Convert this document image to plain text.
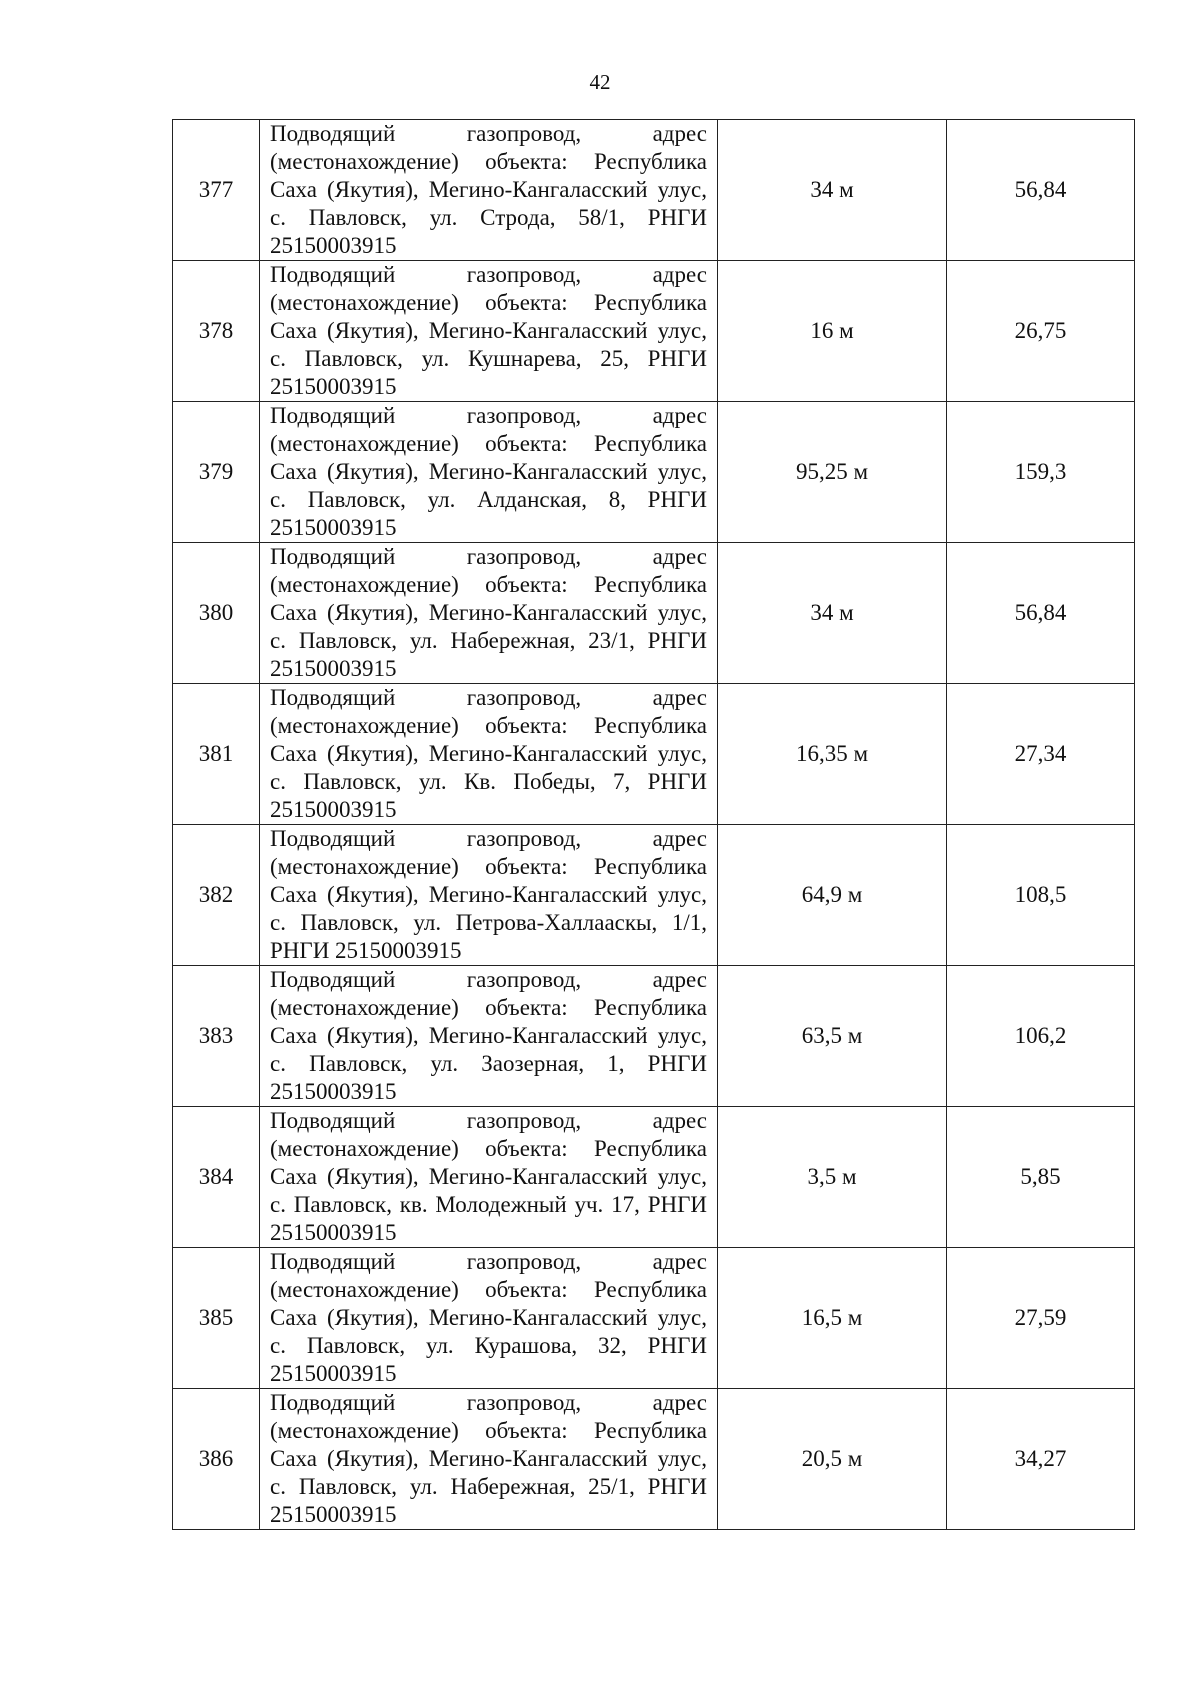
42
377	Подводящий газопровод, адрес (местонахождение) объекта: Республика Саха (Якутия), Мегино-Кангаласский улус, с. Павловск, ул. Строда, 58/1, РНГИ 25150003915	34 м	56,84
378	Подводящий газопровод, адрес (местонахождение) объекта: Республика Саха (Якутия), Мегино-Кангаласский улус, с. Павловск, ул. Кушнарева, 25, РНГИ 25150003915	16 м	26,75
379	Подводящий газопровод, адрес (местонахождение) объекта: Республика Саха (Якутия), Мегино-Кангаласский улус, с. Павловск, ул. Алданская, 8, РНГИ 25150003915	95,25 м	159,3
380	Подводящий газопровод, адрес (местонахождение) объекта: Республика Саха (Якутия), Мегино-Кангаласский улус, с. Павловск, ул. Набережная, 23/1, РНГИ 25150003915	34 м	56,84
381	Подводящий газопровод, адрес (местонахождение) объекта: Республика Саха (Якутия), Мегино-Кангаласский улус, с. Павловск, ул. Кв. Победы, 7, РНГИ 25150003915	16,35 м	27,34
382	Подводящий газопровод, адрес (местонахождение) объекта: Республика Саха (Якутия), Мегино-Кангаласский улус, с. Павловск, ул. Петрова-Халлааскы, 1/1, РНГИ 25150003915	64,9 м	108,5
383	Подводящий газопровод, адрес (местонахождение) объекта: Республика Саха (Якутия), Мегино-Кангаласский улус, с. Павловск, ул. Заозерная, 1, РНГИ 25150003915	63,5 м	106,2
384	Подводящий газопровод, адрес (местонахождение) объекта: Республика Саха (Якутия), Мегино-Кангаласский улус, с. Павловск, кв. Молодежный уч. 17, РНГИ 25150003915	3,5 м	5,85
385	Подводящий газопровод, адрес (местонахождение) объекта: Республика Саха (Якутия), Мегино-Кангаласский улус, с. Павловск, ул. Курашова, 32, РНГИ 25150003915	16,5 м	27,59
386	Подводящий газопровод, адрес (местонахождение) объекта: Республика Саха (Якутия), Мегино-Кангаласский улус, с. Павловск, ул. Набережная, 25/1, РНГИ 25150003915	20,5 м	34,27
